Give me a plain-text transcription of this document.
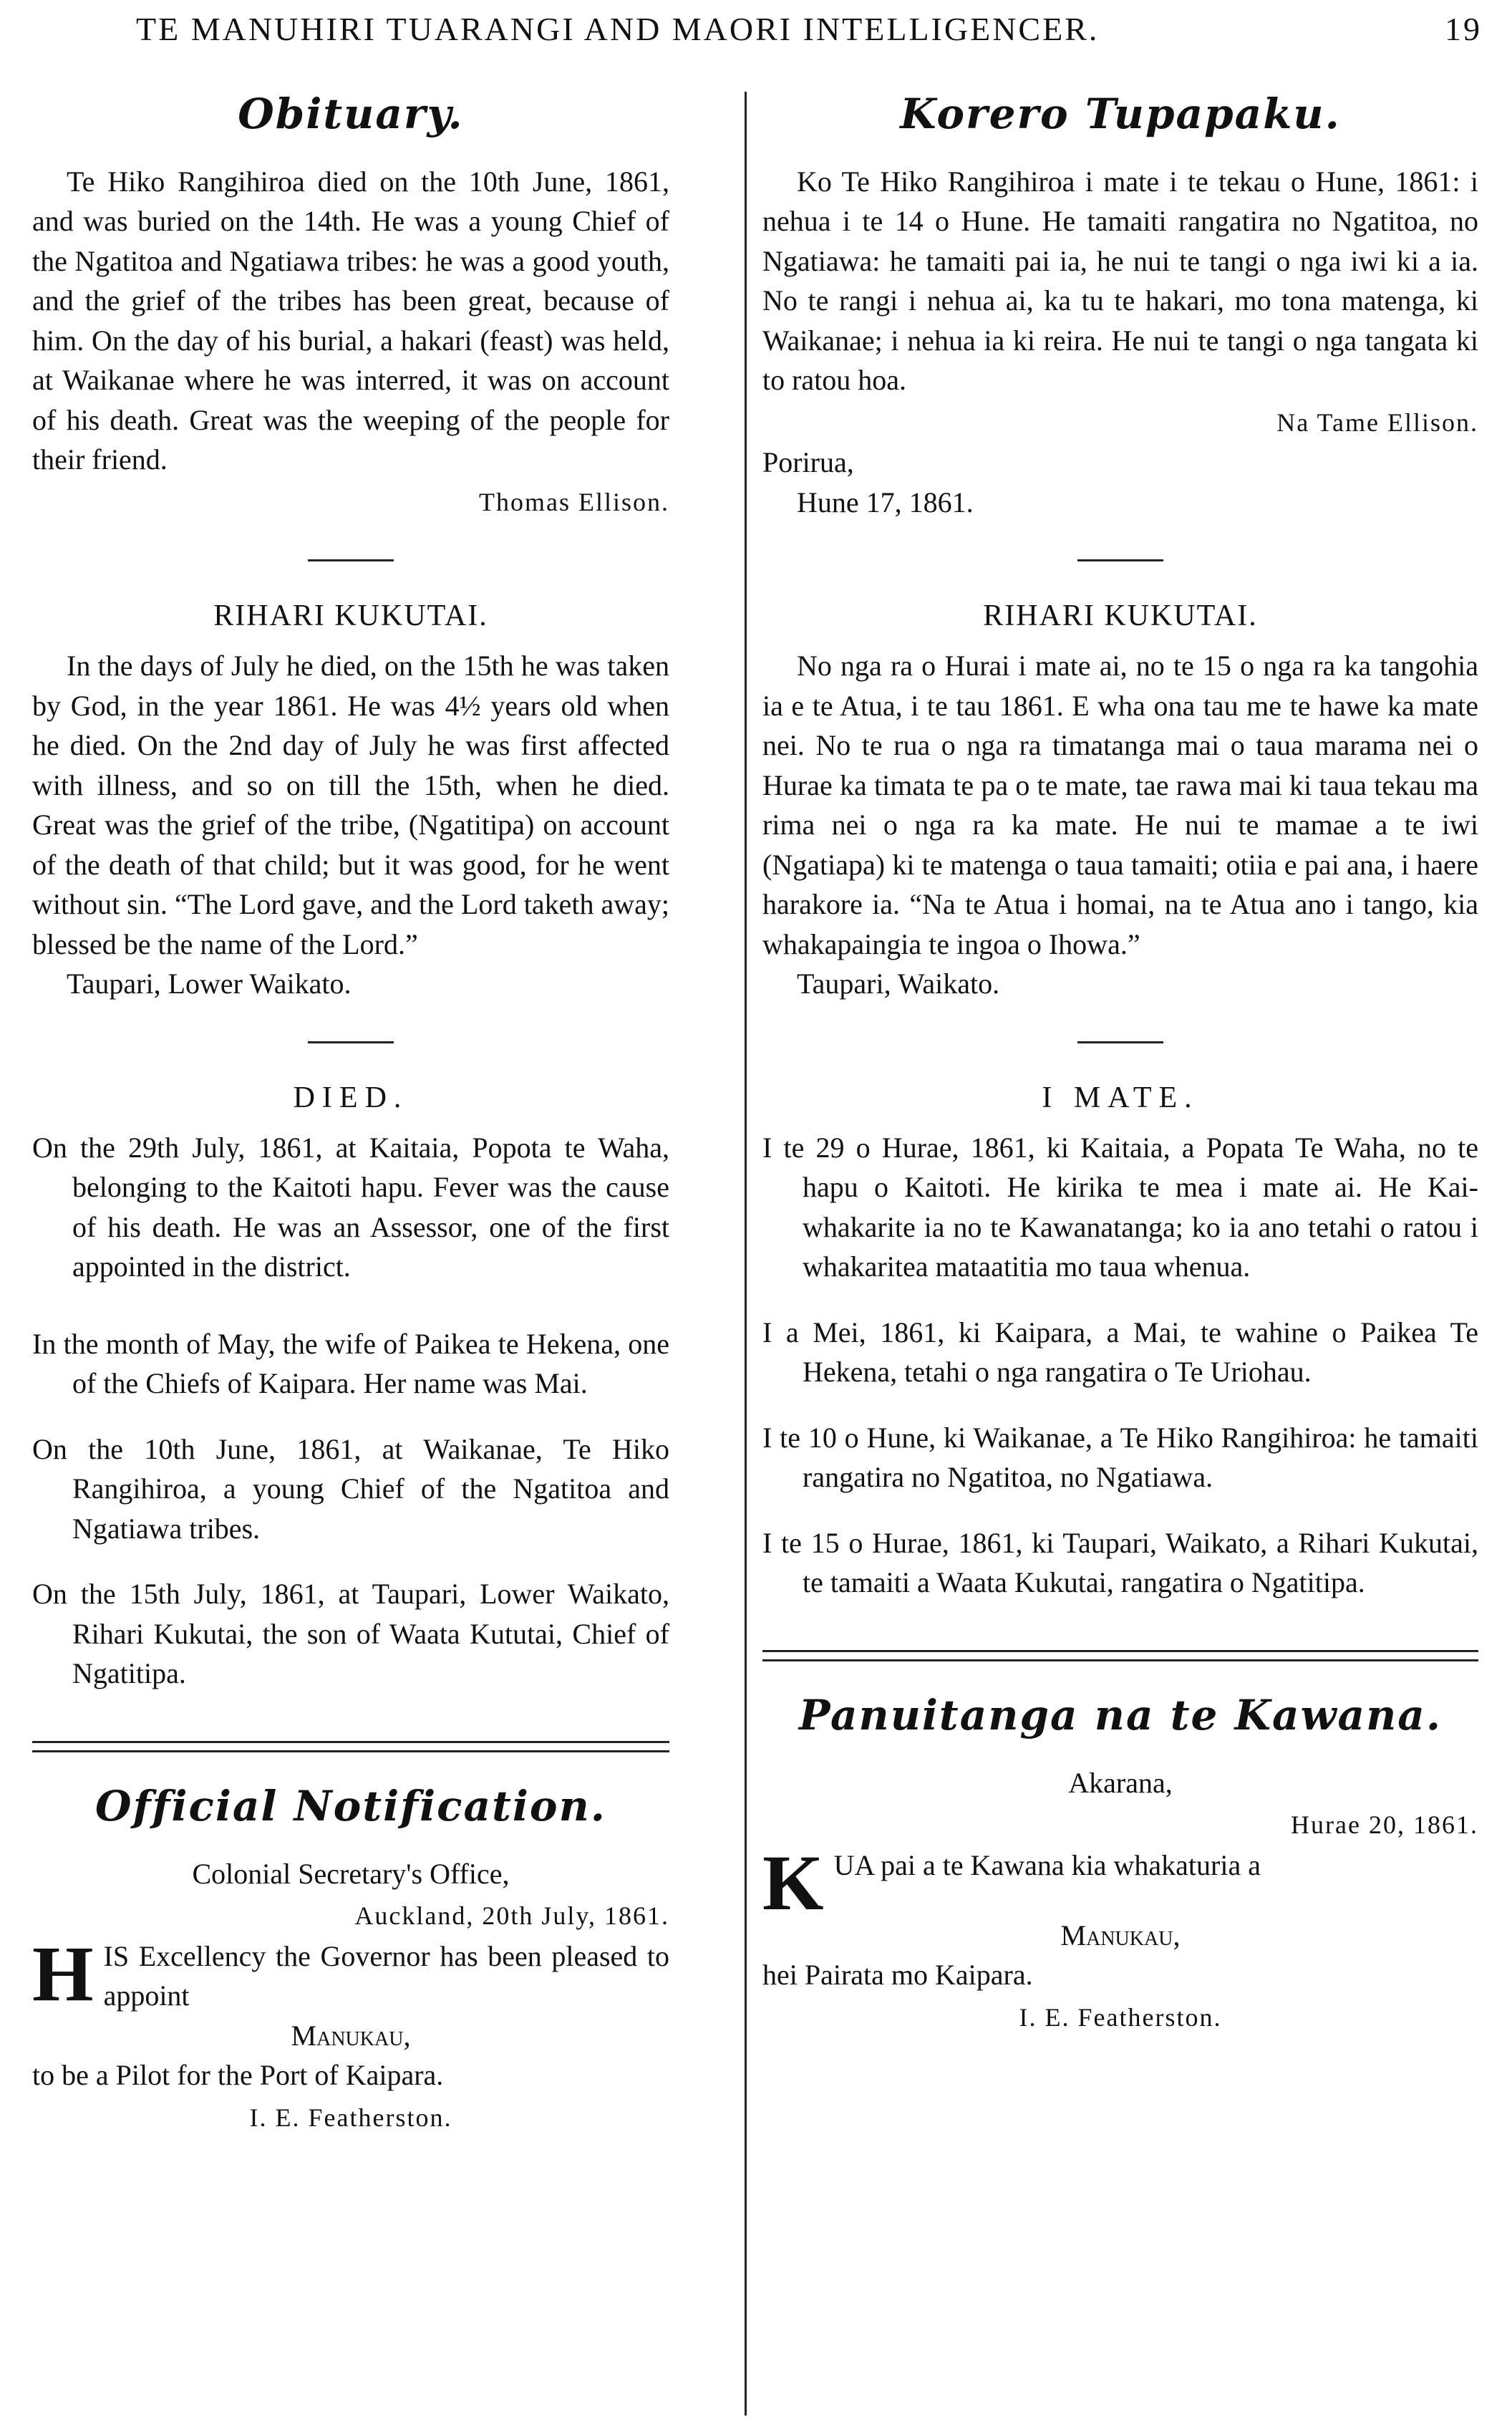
TE MANUHIRI TUARANGI AND MAORI INTELLIGENCER.	19
Obituary.

Te Hiko Rangihiroa died on the 10th June, 1861, and was buried on the 14th. He was a young Chief of the Ngatitoa and Ngatiawa tribes: he was a good youth, and the grief of the tribes has been great, because of him. On the day of his burial, a hakari (feast) was held, at Waikanae where he was interred, it was on account of his death. Great was the weeping of the people for their friend.

Thomas Ellison.

RIHARI KUKUTAI.

In the days of July he died, on the 15th he was taken by God, in the year 1861. He was 4½ years old when he died. On the 2nd day of July he was first affected with illness, and so on till the 15th, when he died. Great was the grief of the tribe, (Ngatitipa) on account of the death of that child; but it was good, for he went without sin. “The Lord gave, and the Lord taketh away; blessed be the name of the Lord.”

Taupari, Lower Waikato.

DIED.

On the 29th July, 1861, at Kaitaia, Popota te Waha, belonging to the Kaitoti hapu. Fever was the cause of his death. He was an Assessor, one of the first appointed in the district.

In the month of May, the wife of Paikea te Hekena, one of the Chiefs of Kaipara. Her name was Mai.

On the 10th June, 1861, at Waikanae, Te Hiko Rangihiroa, a young Chief of the Ngatitoa and Ngatiawa tribes.

On the 15th July, 1861, at Taupari, Lower Waikato, Rihari Kukutai, the son of Waata Kututai, Chief of Ngatitipa.

Official Notification.

Colonial Secretary's Office,

Auckland, 20th July, 1861.

H IS Excellency the Governor has been pleased to appoint

Manukau,

to be a Pilot for the Port of Kaipara.

I. E. Featherston.

Korero Tupapaku.

Ko Te Hiko Rangihiroa i mate i te tekau o Hune, 1861: i nehua i te 14 o Hune. He tamaiti rangatira no Ngatitoa, no Ngatiawa: he tamaiti pai ia, he nui te tangi o nga iwi ki a ia. No te rangi i nehua ai, ka tu te hakari, mo tona matenga, ki Waikanae; i nehua ia ki reira. He nui te tangi o nga tangata ki to ratou hoa.

Na Tame Ellison.

Porirua,

Hune 17, 1861.

RIHARI KUKUTAI.

No nga ra o Hurai i mate ai, no te 15 o nga ra ka tangohia ia e te Atua, i te tau 1861. E wha ona tau me te hawe ka mate nei. No te rua o nga ra timatanga mai o taua marama nei o Hurae ka timata te pa o te mate, tae rawa mai ki taua tekau ma rima nei o nga ra ka mate. He nui te mamae a te iwi (Ngatiapa) ki te matenga o taua tamaiti; otiia e pai ana, i haere harakore ia. “Na te Atua i homai, na te Atua ano i tango, kia whakapaingia te ingoa o Ihowa.”

Taupari, Waikato.

I MATE.

I te 29 o Hurae, 1861, ki Kaitaia, a Popata Te Waha, no te hapu o Kaitoti. He kirika te mea i mate ai. He Kai-whakarite ia no te Kawanatanga; ko ia ano tetahi o ratou i whakaritea mataatitia mo taua whenua.

I a Mei, 1861, ki Kaipara, a Mai, te wahine o Paikea Te Hekena, tetahi o nga rangatira o Te Uriohau.

I te 10 o Hune, ki Waikanae, a Te Hiko Rangihiroa: he tamaiti rangatira no Ngatitoa, no Ngatiawa.

I te 15 o Hurae, 1861, ki Taupari, Waikato, a Rihari Kukutai, te tamaiti a Waata Kukutai, rangatira o Ngatitipa.

Panuitanga na te Kawana.

Akarana,

Hurae 20, 1861.

K UA pai a te Kawana kia whakaturia a

Manukau,

hei Pairata mo Kaipara.

I. E. Featherston.
